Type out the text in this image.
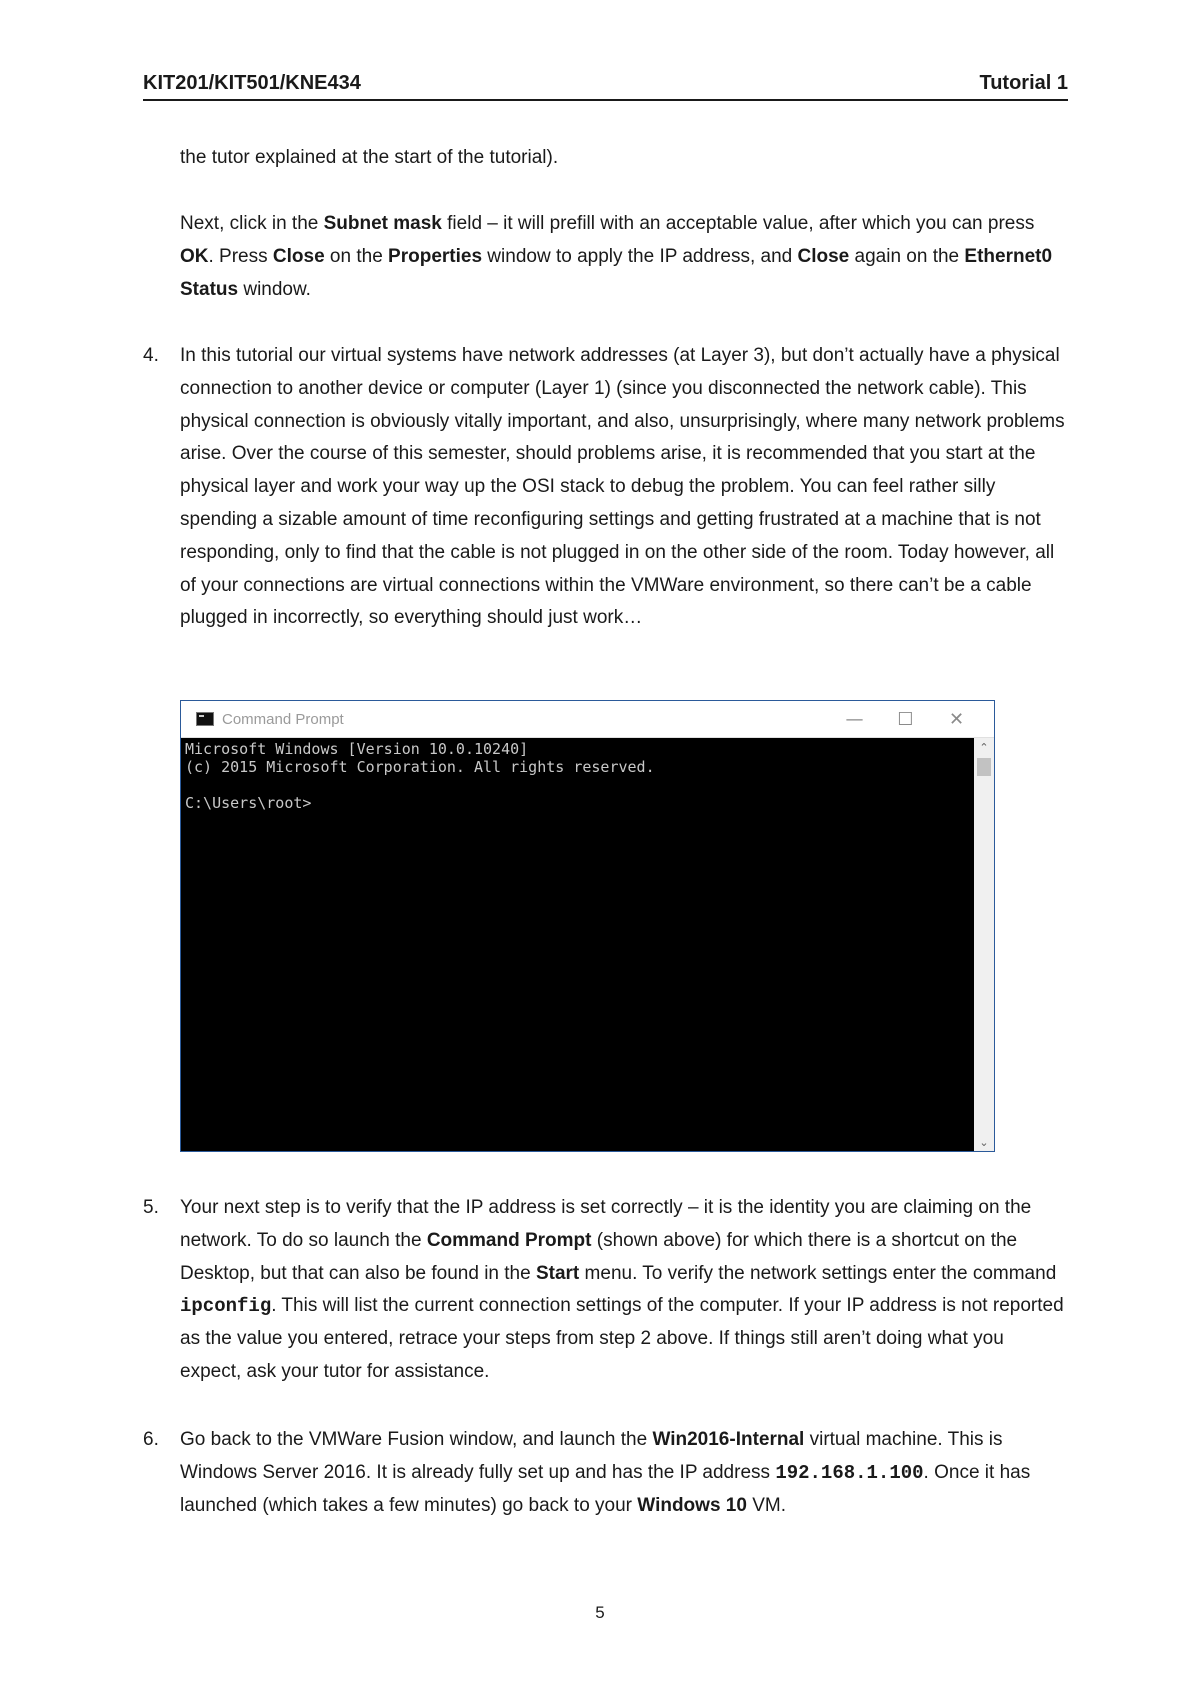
KIT201/KIT501/KNE434	Tutorial 1

the tutor explained at the start of the tutorial).

Next, click in the Subnet mask field – it will prefill with an acceptable value, after which you can press OK. Press Close on the Properties window to apply the IP address, and Close again on the Ethernet0 Status window.

4.	In this tutorial our virtual systems have network addresses (at Layer 3), but don’t actually have a physical connection to another device or computer (Layer 1) (since you disconnected the network cable). This physical connection is obviously vitally important, and also, unsurprisingly, where many network problems arise. Over the course of this semester, should problems arise, it is recommended that you start at the physical layer and work your way up the OSI stack to debug the problem. You can feel rather silly spending a sizable amount of time reconfiguring settings and getting frustrated at a machine that is not responding, only to find that the cable is not plugged in on the other side of the room. Today however, all of your connections are virtual connections within the VMWare environment, so there can’t be a cable plugged in incorrectly, so everything should just work…
Command Prompt	—	☐	✕
Microsoft Windows [Version 10.0.10240]
(c) 2015 Microsoft Corporation. All rights reserved.

C:\Users\root>
⌃
⌄
5.	Your next step is to verify that the IP address is set correctly – it is the identity you are claiming on the network. To do so launch the Command Prompt (shown above) for which there is a shortcut on the Desktop, but that can also be found in the Start menu. To verify the network settings enter the command ipconfig. This will list the current connection settings of the computer. If your IP address is not reported as the value you entered, retrace your steps from step 2 above. If things still aren’t doing what you expect, ask your tutor for assistance.
6.	Go back to the VMWare Fusion window, and launch the Win2016-Internal virtual machine. This is Windows Server 2016. It is already fully set up and has the IP address 192.168.1.100. Once it has launched (which takes a few minutes) go back to your Windows 10 VM.
5
